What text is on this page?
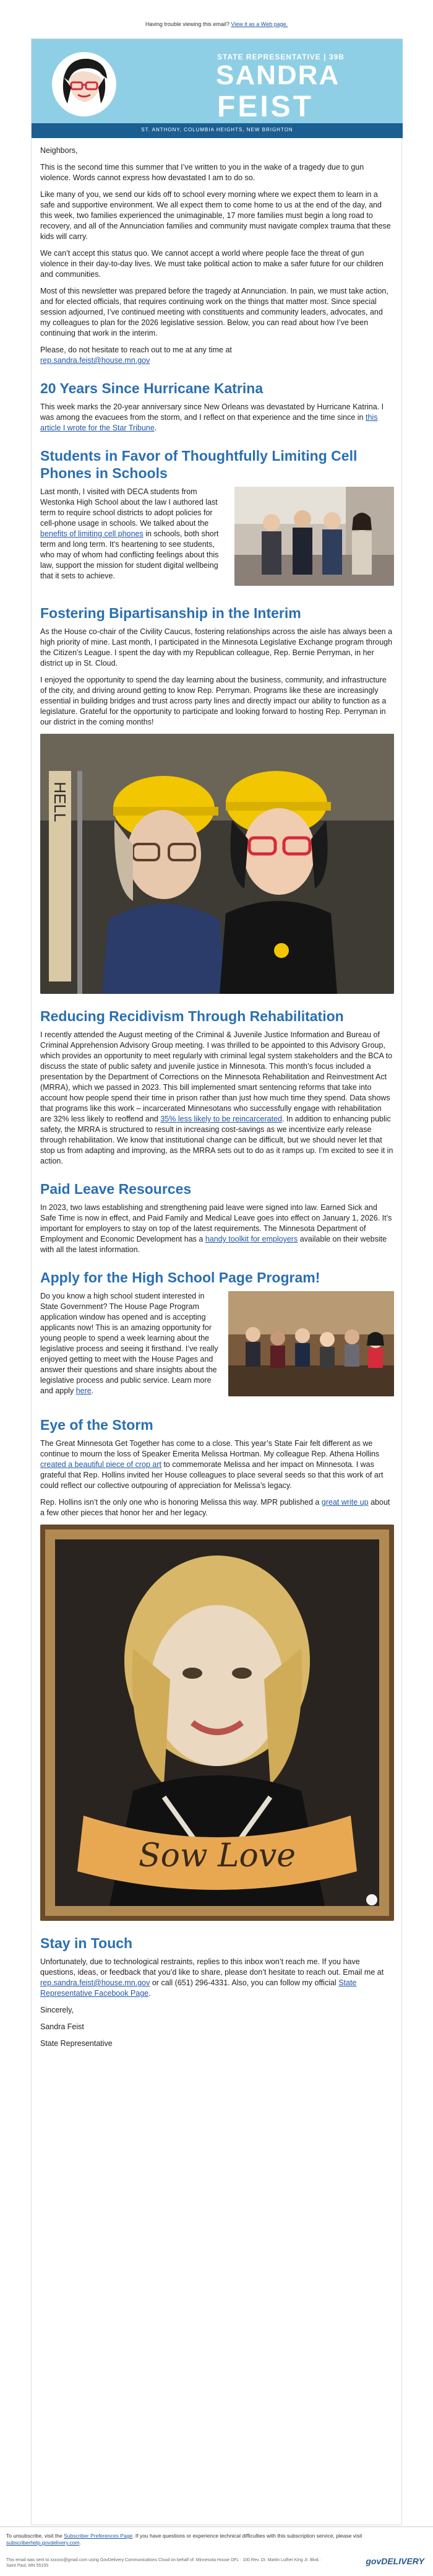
Having trouble viewing this email? View it as a Web page.
STATE REPRESENTATIVE | 39B
SANDRA
FEIST
ST. ANTHONY, COLUMBIA HEIGHTS, NEW BRIGHTON

Neighbors,

This is the second time this summer that I’ve written to you in the wake of a tragedy due to gun violence. Words cannot express how devastated I am to do so.

Like many of you, we send our kids off to school every morning where we expect them to learn in a safe and supportive environment. We all expect them to come home to us at the end of the day, and this week, two families experienced the unimaginable, 17 more families must begin a long road to recovery, and all of the Annunciation families and community must navigate complex trauma that these kids will carry.

We can’t accept this status quo. We cannot accept a world where people face the threat of gun violence in their day-to-day lives. We must take political action to make a safer future for our children and communities.

Most of this newsletter was prepared before the tragedy at Annunciation. In pain, we must take action, and for elected officials, that requires continuing work on the things that matter most. Since special session adjourned, I’ve continued meeting with constituents and community leaders, advocates, and my colleagues to plan for the 2026 legislative session. Below, you can read about how I’ve been continuing that work in the interim.

Please, do not hesitate to reach out to me at any time at
rep.sandra.feist@house.mn.gov

20 Years Since Hurricane Katrina

This week marks the 20-year anniversary since New Orleans was devastated by Hurricane Katrina. I was among the evacuees from the storm, and I reflect on that experience and the time since in this article I wrote for the Star Tribune.

Students in Favor of Thoughtfully Limiting Cell Phones in Schools

Last month, I visited with DECA students from Westonka High School about the law I authored last term to require school districts to adopt policies for cell-phone usage in schools. We talked about the benefits of limiting cell phones in schools, both short term and long term. It’s heartening to see students, who may of whom had conflicting feelings about this law, support the mission for student digital wellbeing that it sets to achieve.

Fostering Bipartisanship in the Interim

As the House co-chair of the Civility Caucus, fostering relationships across the aisle has always been a high priority of mine. Last month, I participated in the Minnesota Legislative Exchange program through the Citizen’s League. I spent the day with my Republican colleague, Rep. Bernie Perryman, in her district up in St. Cloud.

I enjoyed the opportunity to spend the day learning about the business, community, and infrastructure of the city, and driving around getting to know Rep. Perryman. Programs like these are increasingly essential in building bridges and trust across party lines and directly impact our ability to function as a legislature. Grateful for the opportunity to participate and looking forward to hosting Rep. Perryman in our district in the coming months!

HELL
Reducing Recidivism Through Rehabilitation

I recently attended the August meeting of the Criminal & Juvenile Justice Information and Bureau of Criminal Apprehension Advisory Group meeting. I was thrilled to be appointed to this Advisory Group, which provides an opportunity to meet regularly with criminal legal system stakeholders and the BCA to discuss the state of public safety and juvenile justice in Minnesota. This month’s focus included a presentation by the Department of Corrections on the Minnesota Rehabilitation and Reinvestment Act (MRRA), which we passed in 2023. This bill implemented smart sentencing reforms that take into account how people spend their time in prison rather than just how much time they spend. Data shows that programs like this work – incarcerated Minnesotans who successfully engage with rehabilitation are 32% less likely to reoffend and 35% less likely to be reincarcerated. In addition to enhancing public safety, the MRRA is structured to result in increasing cost-savings as we incentivize early release through rehabilitation. We know that institutional change can be difficult, but we should never let that stop us from adapting and improving, as the MRRA sets out to do as it ramps up. I’m excited to see it in action.

Paid Leave Resources

In 2023, two laws establishing and strengthening paid leave were signed into law. Earned Sick and Safe Time is now in effect, and Paid Family and Medical Leave goes into effect on January 1, 2026. It’s important for employers to stay on top of the latest requirements. The Minnesota Department of Employment and Economic Development has a handy toolkit for employers available on their website with all the latest information.

Apply for the High School Page Program!

Do you know a high school student interested in State Government? The House Page Program application window has opened and is accepting applicants now! This is an amazing opportunity for young people to spend a week learning about the legislative process and seeing it firsthand. I’ve really enjoyed getting to meet with the House Pages and answer their questions and share insights about the legislative process and public service. Learn more and apply here.

Eye of the Storm

The Great Minnesota Get Together has come to a close. This year’s State Fair felt different as we continue to mourn the loss of Speaker Emerita Melissa Hortman. My colleague Rep. Athena Hollins created a beautiful piece of crop art to commemorate Melissa and her impact on Minnesota. I was grateful that Rep. Hollins invited her House colleagues to place several seeds so that this work of art could reflect our collective outpouring of appreciation for Melissa’s legacy.

Rep. Hollins isn’t the only one who is honoring Melissa this way. MPR published a great write up about a few other pieces that honor her and her legacy.

Sow Love
Stay in Touch

Unfortunately, due to technological restraints, replies to this inbox won’t reach me. If you have questions, ideas, or feedback that you’d like to share, please don’t hesitate to reach out. Email me at rep.sandra.feist@house.mn.gov or call (651) 296-4331. Also, you can follow my official State Representative Facebook Page.

Sincerely,

Sandra Feist

State Representative

To unsubscribe, visit the Subscriber Preferences Page. If you have questions or experience technical difficulties with this subscription service, please visit subscriberhelp.govdelivery.com.
This email was sent to xxxxxx@gmail.com using GovDelivery Communications Cloud on behalf of: Minnesota House DFL · 100 Rev. Dr. Martin Luther King Jr. Blvd. · Saint Paul, MN 55155	govDELIVERY
